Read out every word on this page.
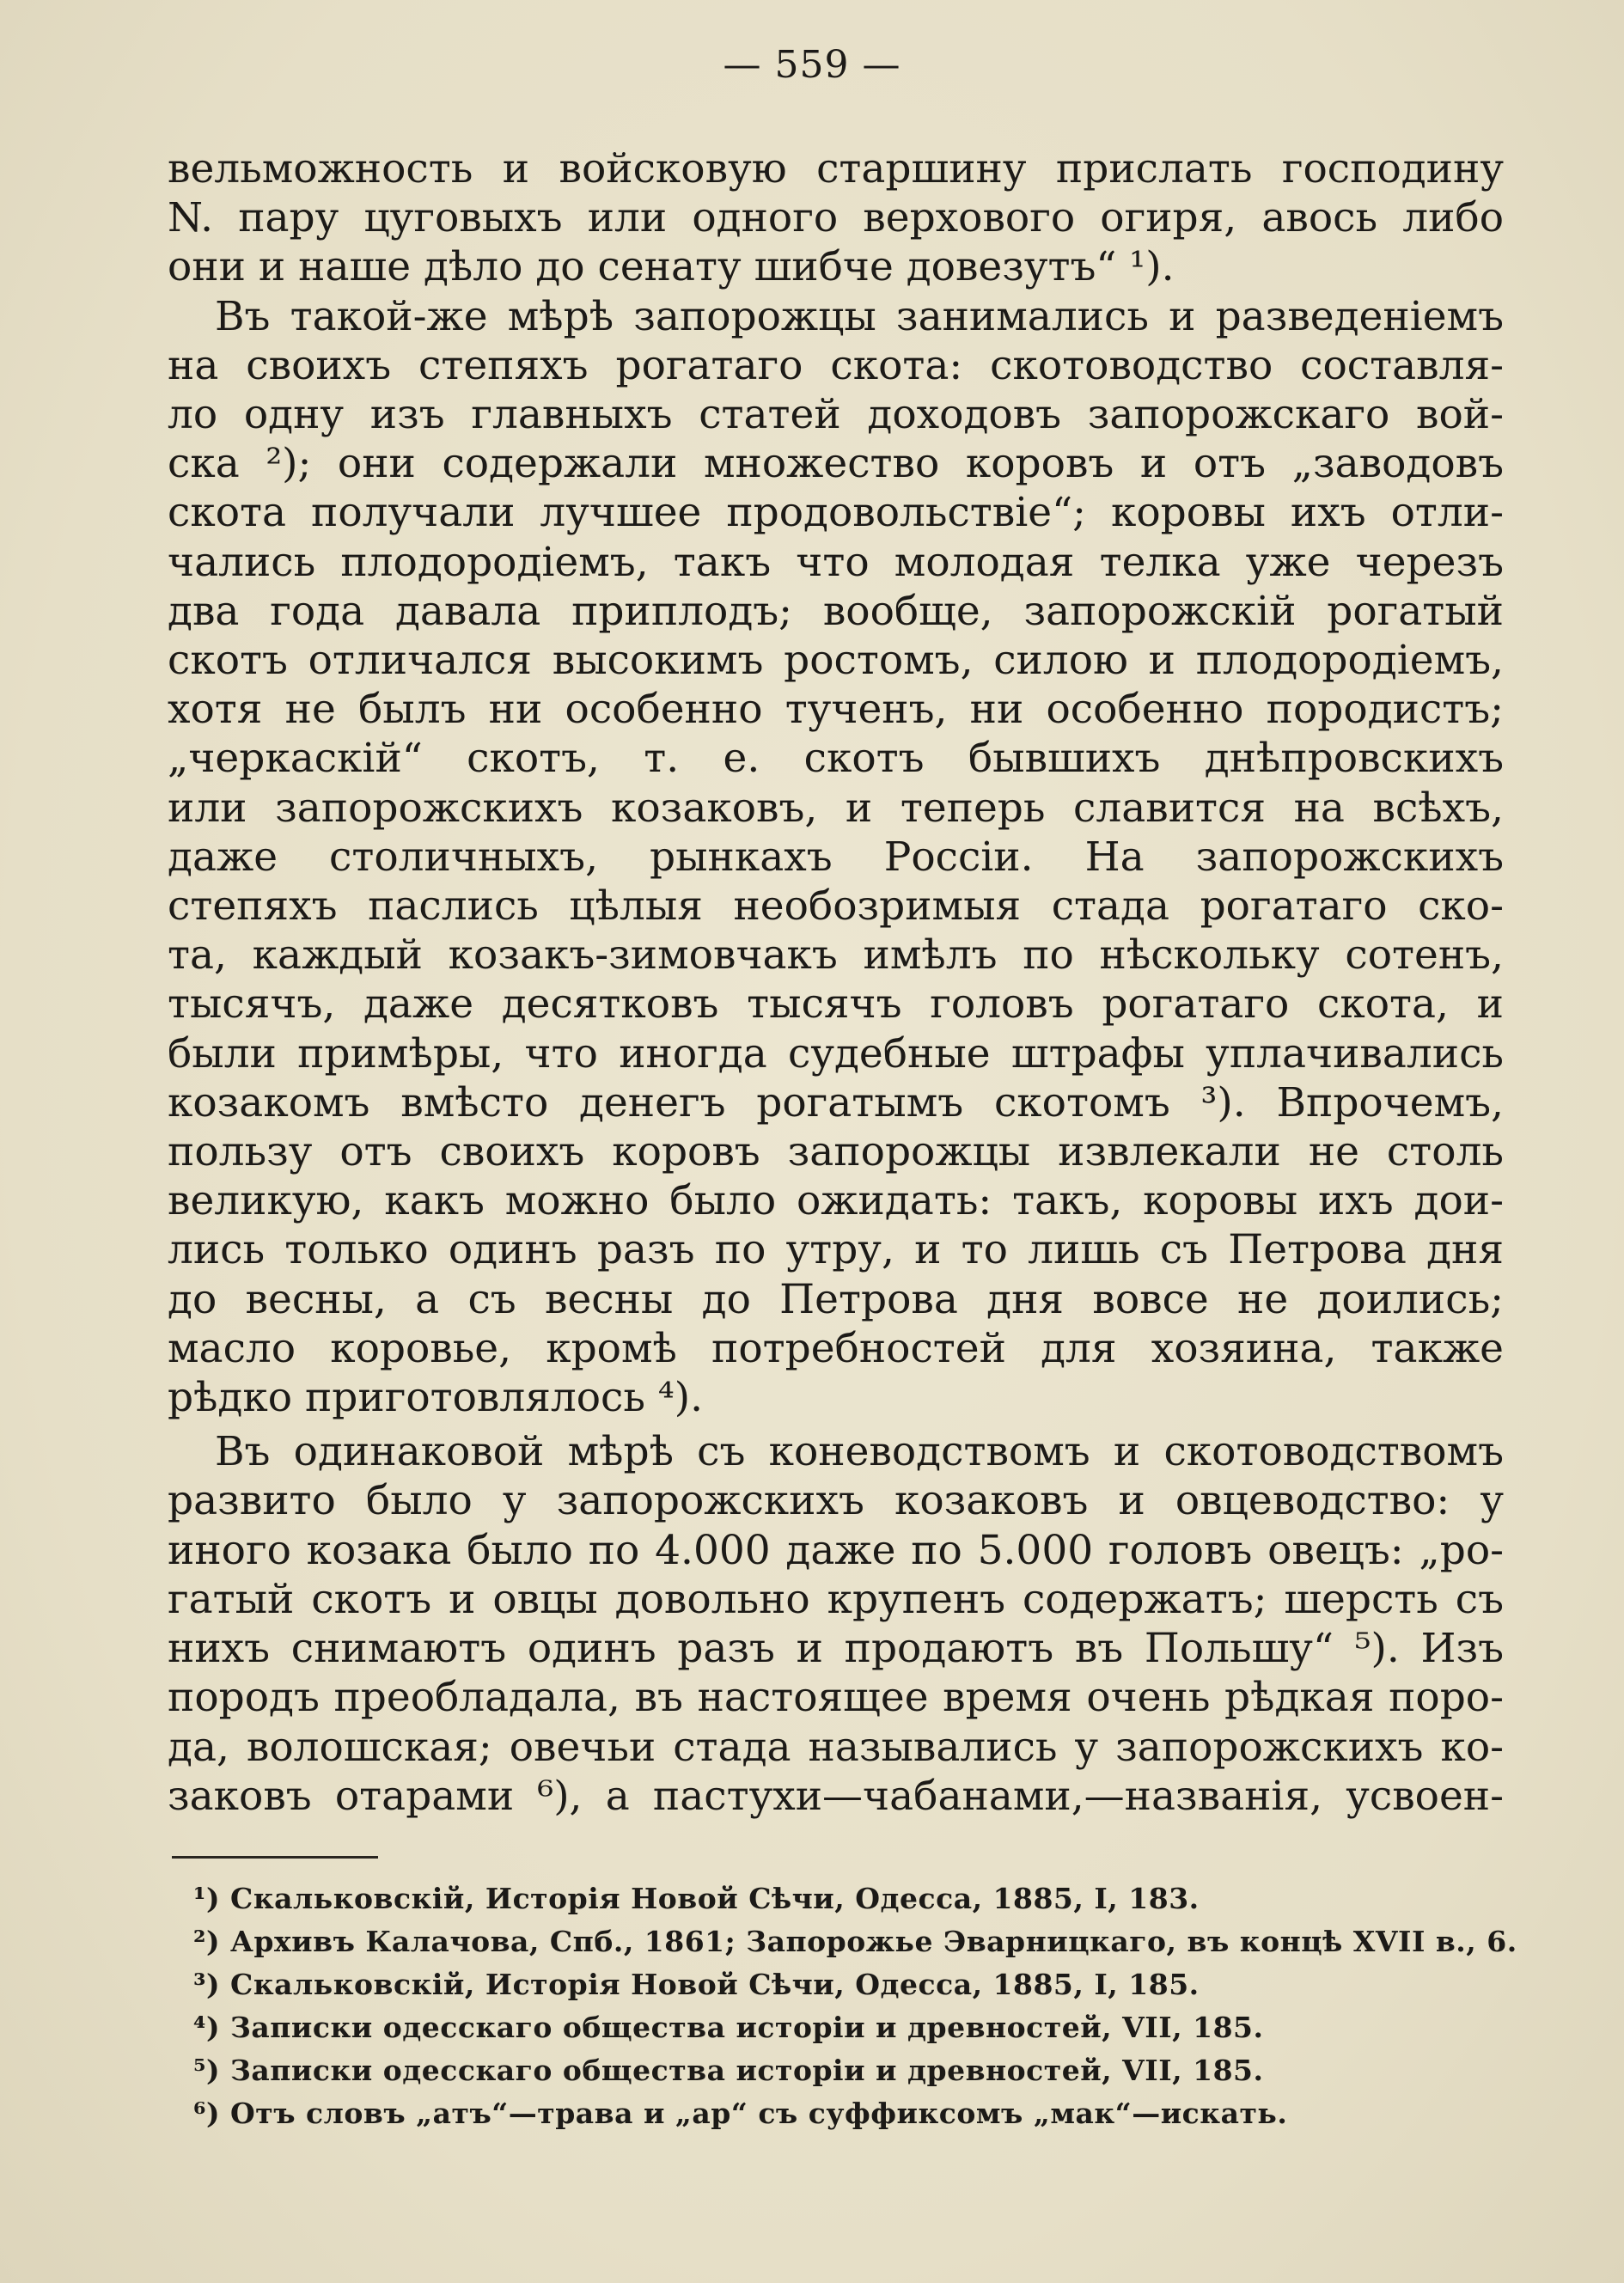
— 559 —
вельможность и войсковую старшину прислать господину
N. пару цуговыхъ или одного верхового огиря, авось либо
они и наше дѣло до сенату шибче довезутъ“ ¹).
Въ такой-же мѣрѣ запорожцы занимались и разведенiемъ
на своихъ степяхъ рогатаго скота: скотоводство составля-
ло одну изъ главныхъ статей доходовъ запорожскаго вой-
ска ²); они содержали множество коровъ и отъ „заводовъ
скота получали лучшее продовольствiе“; коровы ихъ отли-
чались плодородiемъ, такъ что молодая телка уже черезъ
два года давала приплодъ; вообще, запорожскiй рогатый
скотъ отличался высокимъ ростомъ, силою и плодородiемъ,
хотя не былъ ни особенно тученъ, ни особенно породистъ;
„черкаскiй“ скотъ, т. е. скотъ бывшихъ днѣпровскихъ
или запорожскихъ козаковъ, и теперь славится на всѣхъ,
даже столичныхъ, рынкахъ Россiи. На запорожскихъ
степяхъ паслись цѣлыя необозримыя стада рогатаго ско-
та, каждый козакъ-зимовчакъ имѣлъ по нѣскольку сотенъ,
тысячъ, даже десятковъ тысячъ головъ рогатаго скота, и
были примѣры, что иногда судебные штрафы уплачивались
козакомъ вмѣсто денегъ рогатымъ скотомъ ³). Впрочемъ,
пользу отъ своихъ коровъ запорожцы извлекали не столь
великую, какъ можно было ожидать: такъ, коровы ихъ дои-
лись только одинъ разъ по утру, и то лишь съ Петрова дня
до весны, а съ весны до Петрова дня вовсе не доились;
масло коровье, кромѣ потребностей для хозяина, также
рѣдко приготовлялось ⁴).
Въ одинаковой мѣрѣ съ коневодствомъ и скотоводствомъ
развито было у запорожскихъ козаковъ и овцеводство: у
иного козака было по 4.000 даже по 5.000 головъ овецъ: „ро-
гатый скотъ и овцы довольно крупенъ содержатъ; шерсть съ
нихъ снимаютъ одинъ разъ и продаютъ въ Польшу“ ⁵). Изъ
породъ преобладала, въ настоящее время очень рѣдкая поро-
да, волошская; овечьи стада назывались у запорожскихъ ко-
заковъ отарами ⁶), а пастухи—чабанами,—названiя, усвоен-
¹) Скальковскiй, Исторiя Новой Сѣчи, Одесса, 1885, I, 183.
²) Архивъ Калачова, Спб., 1861; Запорожье Эварницкаго, въ концѣ XVII в., 6.
³) Скальковскiй, Исторiя Новой Сѣчи, Одесса, 1885, I, 185.
⁴) Записки одесскаго общества исторiи и древностей, VII, 185.
⁵) Записки одесскаго общества исторiи и древностей, VII, 185.
⁶) Отъ словъ „атъ“—трава и „ар“ съ суффиксомъ „мак“—искать.
